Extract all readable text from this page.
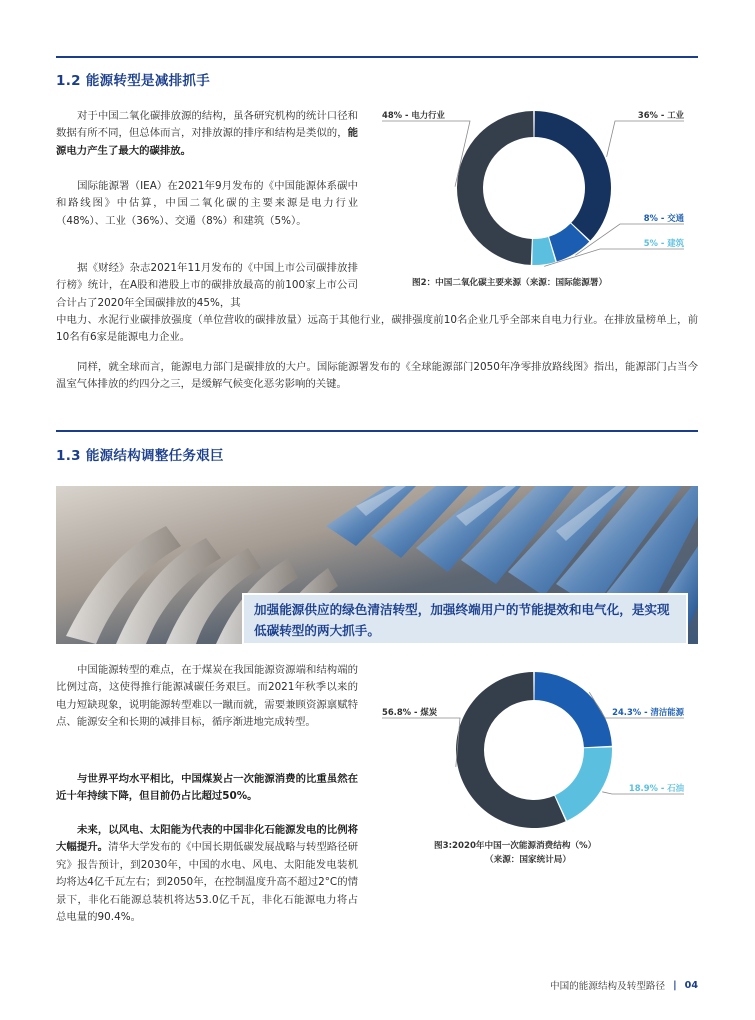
1.2 能源转型是减排抓手
对于中国二氧化碳排放源的结构，虽各研究机构的统计口径和数据有所不同，但总体而言，对排放源的排序和结构是类似的，能源电力产生了最大的碳排放。
国际能源署（IEA）在2021年9月发布的《中国能源体系碳中和路线图》中估算，中国二氧化碳的主要来源是电力行业（48%）、工业（36%）、交通（8%）和建筑（5%）。
据《财经》杂志2021年11月发布的《中国上市公司碳排放排行榜》统计，在A股和港股上市的碳排放最高的前100家上市公司合计占了2020年全国碳排放的45%，其
中电力、水泥行业碳排放强度（单位营收的碳排放量）远高于其他行业，碳排强度前10名企业几乎全部来自电力行业。在排放量榜单上，前10名有6家是能源电力企业。
同样，就全球而言，能源电力部门是碳排放的大户。国际能源署发布的《全球能源部门2050年净零排放路线图》指出，能源部门占当今温室气体排放的约四分之三，是缓解气候变化恶劣影响的关键。
48% - 电力行业	36% - 工业
8% - 交通
5% - 建筑
图2：中国二氧化碳主要来源（来源：国际能源署）
1.3 能源结构调整任务艰巨
加强能源供应的绿色清洁转型，加强终端用户的节能提效和电气化，是实现低碳转型的两大抓手。
中国能源转型的难点，在于煤炭在我国能源资源端和结构端的比例过高，这使得推行能源减碳任务艰巨。而2021年秋季以来的电力短缺现象，说明能源转型难以一蹴而就，需要兼顾资源禀赋特点、能源安全和长期的减排目标，循序渐进地完成转型。
与世界平均水平相比，中国煤炭占一次能源消费的比重虽然在近十年持续下降，但目前仍占比超过50%。
未来，以风电、太阳能为代表的中国非化石能源发电的比例将大幅提升。清华大学发布的《中国长期低碳发展战略与转型路径研究》报告预计，到2030年，中国的水电、风电、太阳能发电装机均将达4亿千瓦左右；到2050年，在控制温度升高不超过2°C的情景下，非化石能源总装机将达53.0亿千瓦，非化石能源电力将占总电量的90.4%。
56.8% - 煤炭	24.3% - 清洁能源
18.9% - 石油
图3:2020年中国一次能源消费结构（%）
（来源：国家统计局）
中国的能源结构及转型路径 | 04
